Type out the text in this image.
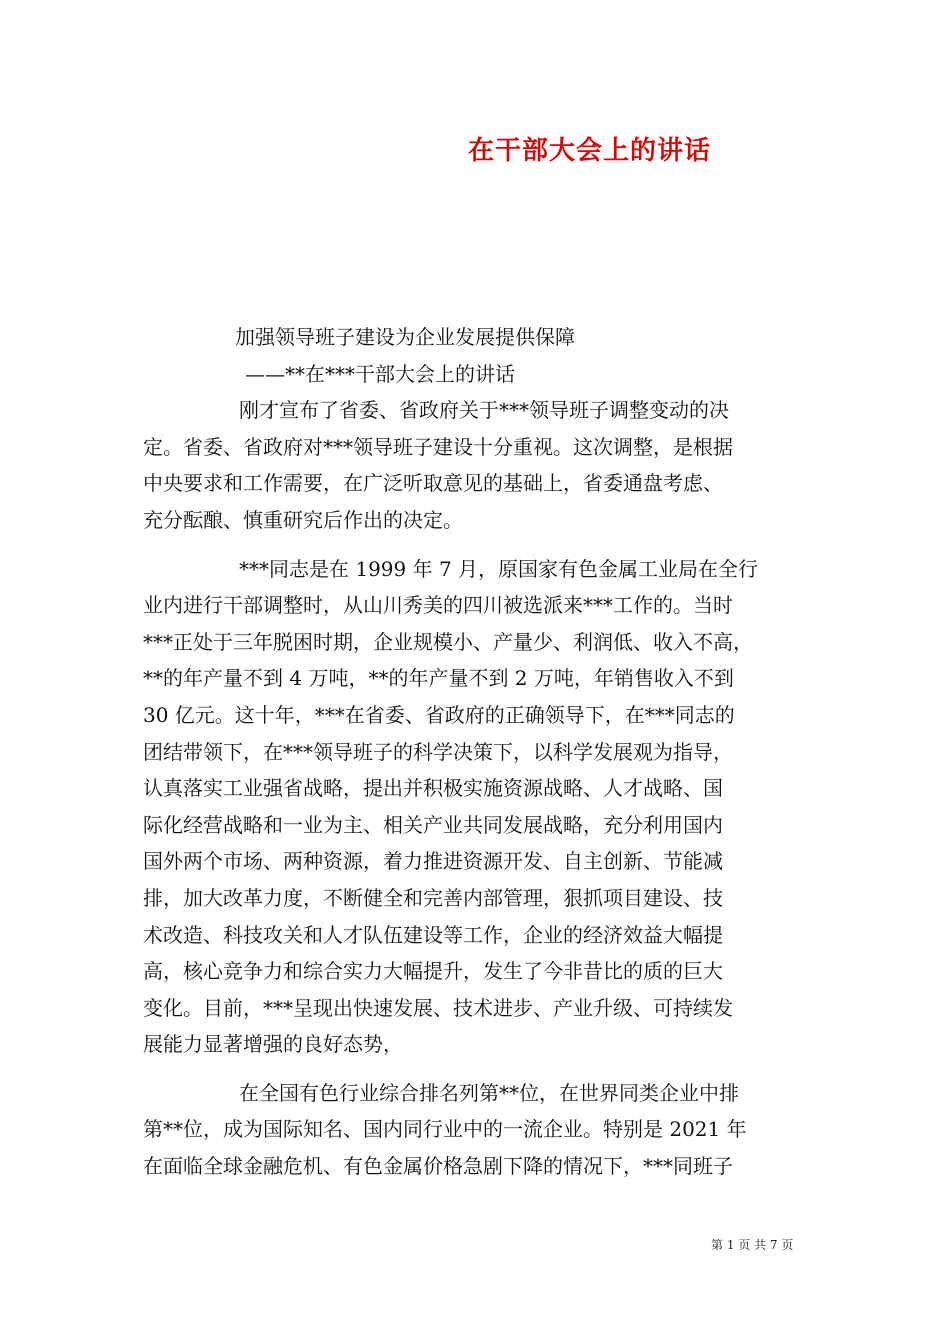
在干部大会上的讲话
加强领导班子建设为企业发展提供保障
——**在***干部大会上的讲话
刚才宣布了省委、省政府关于***领导班子调整变动的决
定。省委、省政府对***领导班子建设十分重视。这次调整，是根据
中央要求和工作需要，在广泛听取意见的基础上，省委通盘考虑、
充分酝酿、慎重研究后作出的决定。
***同志是在 1999 年 7 月，原国家有色金属工业局在全行
业内进行干部调整时，从山川秀美的四川被选派来***工作的。当时
***正处于三年脱困时期，企业规模小、产量少、利润低、收入不高，
**的年产量不到 4 万吨，**的年产量不到 2 万吨，年销售收入不到
30 亿元。这十年，***在省委、省政府的正确领导下，在***同志的
团结带领下，在***领导班子的科学决策下，以科学发展观为指导，
认真落实工业强省战略，提出并积极实施资源战略、人才战略、国
际化经营战略和一业为主、相关产业共同发展战略，充分利用国内
国外两个市场、两种资源，着力推进资源开发、自主创新、节能减
排，加大改革力度，不断健全和完善内部管理，狠抓项目建设、技
术改造、科技攻关和人才队伍建设等工作，企业的经济效益大幅提
高，核心竞争力和综合实力大幅提升，发生了今非昔比的质的巨大
变化。目前，***呈现出快速发展、技术进步、产业升级、可持续发
展能力显著增强的良好态势，
在全国有色行业综合排名列第**位，在世界同类企业中排
第**位，成为国际知名、国内同行业中的一流企业。特别是 2021 年
在面临全球金融危机、有色金属价格急剧下降的情况下，***同班子
第 1 页 共 7 页
